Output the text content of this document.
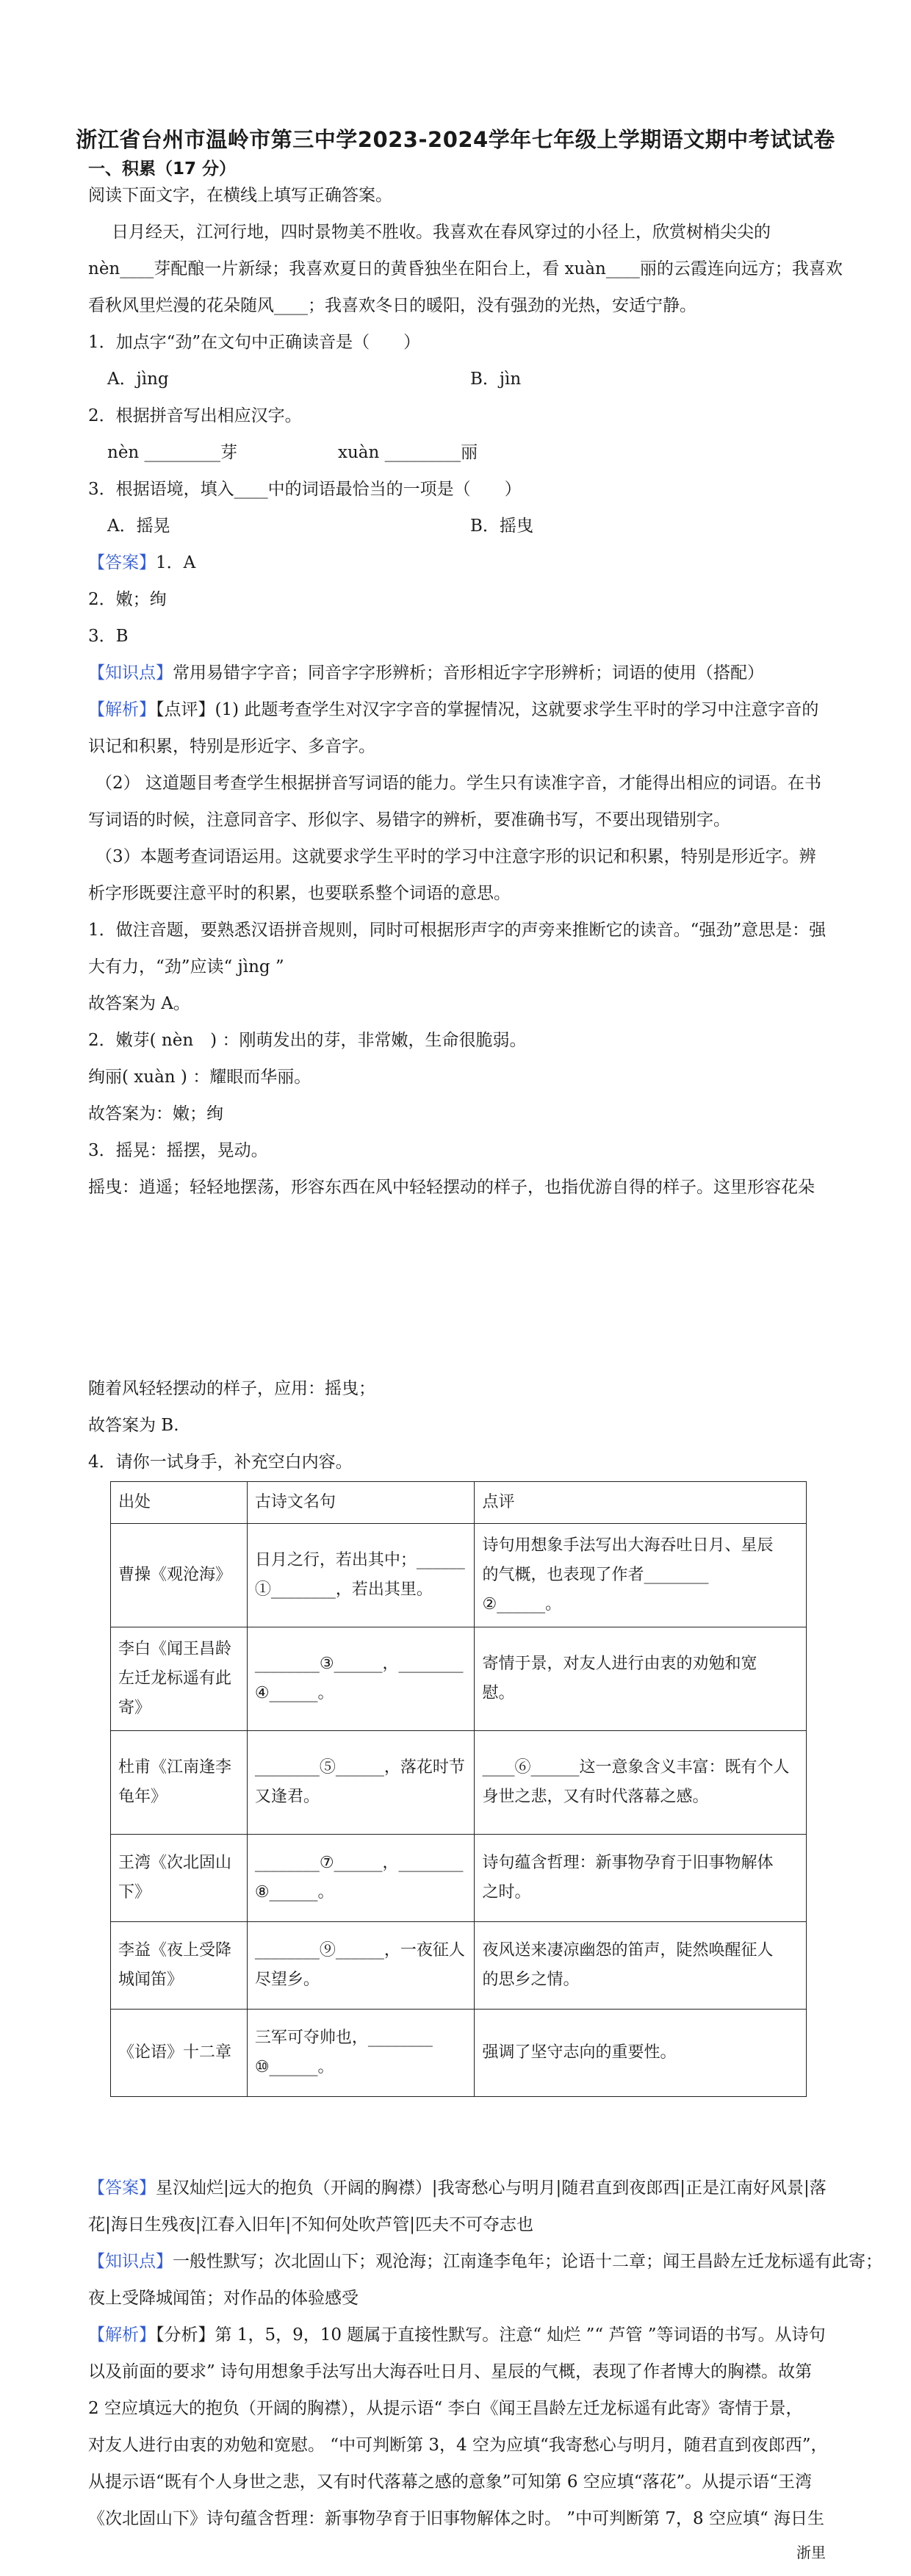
浙江省台州市温岭市第三中学2023-2024学年七年级上学期语文期中考试试卷
一、积累（17 分）
阅读下面文字，在横线上填写正确答案。
日月经天，江河行地，四时景物美不胜收。我喜欢在春风穿过的小径上，欣赏树梢尖尖的
nèn____芽配酿一片新绿；我喜欢夏日的黄昏独坐在阳台上，看 xuàn____丽的云霞连向远方；我喜欢
看秋风里烂漫的花朵随风____；我喜欢冬日的暖阳，没有强劲的光热，安适宁静。
1．加点字“劲”在文句中正确读音是（　　）
A．jìng	B．jìn
2．根据拼音写出相应汉字。
nèn _________芽	xuàn _________丽
3．根据语境，填入____中的词语最恰当的一项是（　　）
A．摇晃	B．摇曳
【答案】1．A
2．嫩；绚
3．B
【知识点】常用易错字字音；同音字字形辨析；音形相近字字形辨析；词语的使用（搭配）
【解析】【点评】(1) 此题考查学生对汉字字音的掌握情况，这就要求学生平时的学习中注意字音的
识记和积累，特别是形近字、多音字。
（2） 这道题目考查学生根据拼音写词语的能力。学生只有读准字音，才能得出相应的词语。在书
写词语的时候，注意同音字、形似字、易错字的辨析，要准确书写，不要出现错别字。
（3）本题考查词语运用。这就要求学生平时的学习中注意字形的识记和积累，特别是形近字。辨
析字形既要注意平时的积累，也要联系整个词语的意思。
1．做注音题，要熟悉汉语拼音规则，同时可根据形声字的声旁来推断它的读音。“强劲”意思是：强
大有力，“劲”应读“ jìng ”
故答案为 A。
2．嫩芽( nèn　) ：刚萌发出的芽，非常嫩，生命很脆弱。
绚丽( xuàn ) ：耀眼而华丽。
故答案为：嫩；绚
3．摇晃：摇摆，晃动。
摇曳：逍遥；轻轻地摆荡，形容东西在风中轻轻摆动的样子，也指优游自得的样子。这里形容花朵
随着风轻轻摆动的样子，应用：摇曳；
故答案为 B.
4．请你一试身手，补充空白内容。
出处	古诗文名句	点评
曹操《观沧海》	日月之行，若出其中；______
①________，若出其里。	诗句用想象手法写出大海吞吐日月、星辰
的气概，也表现了作者________
②______。
李白《闻王昌龄
左迁龙标遥有此
寄》	________③______，________
④______。	寄情于景，对友人进行由衷的劝勉和宽
慰。
杜甫《江南逢李
龟年》	________⑤______，落花时节
又逢君。	____⑥______这一意象含义丰富：既有个人
身世之悲，又有时代落幕之感。
王湾《次北固山
下》	________⑦______，________
⑧______。	诗句蕴含哲理：新事物孕育于旧事物解体
之时。
李益《夜上受降
城闻笛》	________⑨______，一夜征人
尽望乡。	夜风送来凄凉幽怨的笛声，陡然唤醒征人
的思乡之情。
《论语》十二章	三军可夺帅也，________
⑩______。	强调了坚守志向的重要性。
【答案】星汉灿烂|远大的抱负（开阔的胸襟）|我寄愁心与明月|随君直到夜郎西|正是江南好风景|落
花|海日生残夜|江春入旧年|不知何处吹芦管|匹夫不可夺志也
【知识点】一般性默写；次北固山下；观沧海；江南逢李龟年；论语十二章；闻王昌龄左迁龙标遥有此寄；
夜上受降城闻笛；对作品的体验感受
【解析】【分析】第 1，5，9，10 题属于直接性默写。注意“ 灿烂 ”“ 芦管 ”等词语的书写。从诗句
以及前面的要求” 诗句用想象手法写出大海吞吐日月、星辰的气概，表现了作者博大的胸襟。故第
2 空应填远大的抱负（开阔的胸襟），从提示语“ 李白《闻王昌龄左迁龙标遥有此寄》寄情于景，
对友人进行由衷的劝勉和宽慰。 “中可判断第 3，4 空为应填“我寄愁心与明月，随君直到夜郎西”，
从提示语“既有个人身世之悲，又有时代落幕之感的意象”可知第 6 空应填“落花”。从提示语“王湾
《次北固山下》诗句蕴含哲理：新事物孕育于旧事物解体之时。 ”中可判断第 7，8 空应填“ 海日生
浙里
